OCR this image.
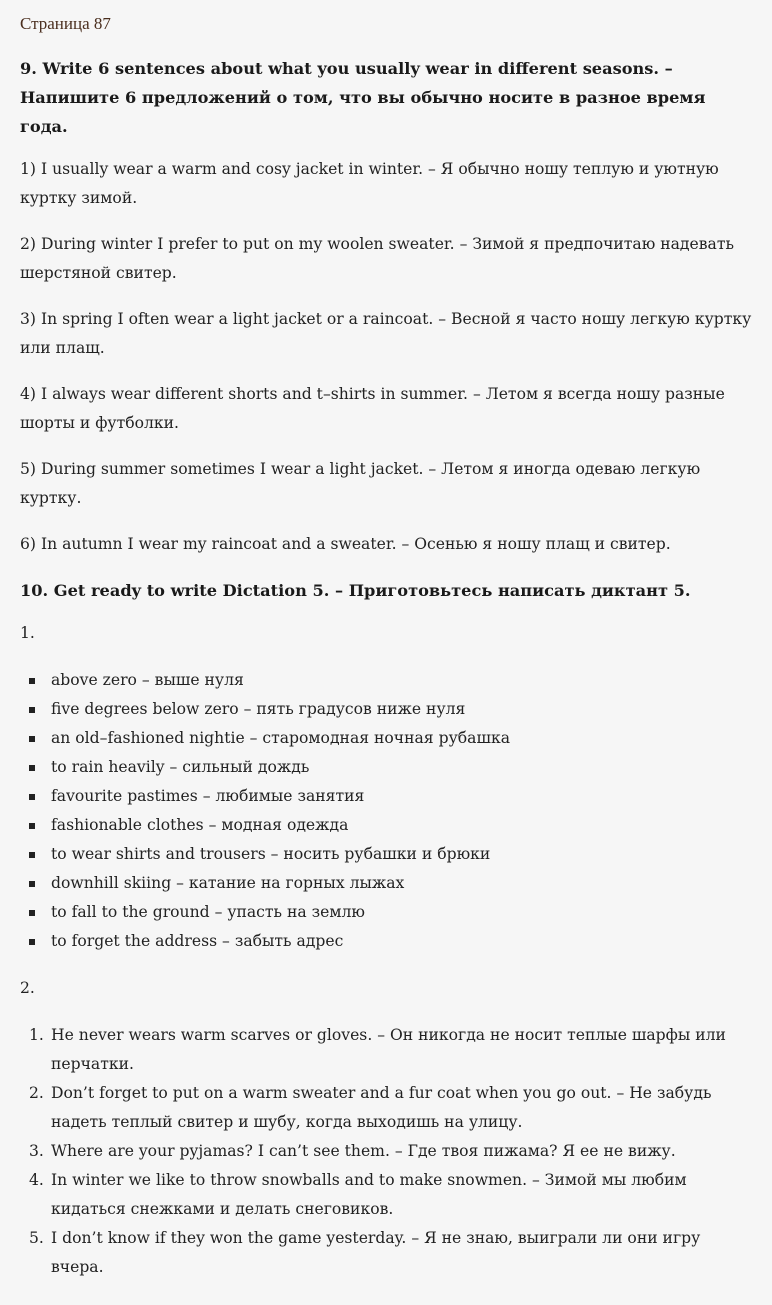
Страница 87
9. Write 6 sentences about what you usually wear in different seasons. – Напишите 6 предложений о том, что вы обычно носите в разное время года.

1) I usually wear a warm and cosy jacket in winter. – Я обычно ношу теплую и уютную куртку зимой.

2) During winter I prefer to put on my woolen sweater. – Зимой я предпочитаю надевать шерстяной свитер.

3) In spring I often wear a light jacket or a raincoat. – Весной я часто ношу легкую куртку или плащ.

4) I always wear different shorts and t–shirts in summer. – Летом я всегда ношу разные шорты и футболки.

5) During summer sometimes I wear a light jacket. – Летом я иногда одеваю легкую куртку.

6) In autumn I wear my raincoat and a sweater. – Осенью я ношу плащ и свитер.

10. Get ready to write Dictation 5. – Приготовьтесь написать диктант 5.
1.
above zero – выше нуля
five degrees below zero – пять градусов ниже нуля
an old–fashioned nightie – старомодная ночная рубашка
to rain heavily – сильный дождь
favourite pastimes – любимые занятия
fashionable clothes – модная одежда
to wear shirts and trousers – носить рубашки и брюки
downhill skiing – катание на горных лыжах
to fall to the ground – упасть на землю
to forget the address – забыть адрес
2.
1. He never wears warm scarves or gloves. – Он никогда не носит теплые шарфы или перчатки.
2. Don’t forget to put on a warm sweater and a fur coat when you go out. – Не забудь надеть теплый свитер и шубу, когда выходишь на улицу.
3. Where are your pyjamas? I can’t see them. – Где твоя пижама? Я ее не вижу.
4. In winter we like to throw snowballs and to make snowmen. – Зимой мы любим кидаться снежками и делать снеговиков.
5. I don’t know if they won the game yesterday. – Я не знаю, выиграли ли они игру вчера.
